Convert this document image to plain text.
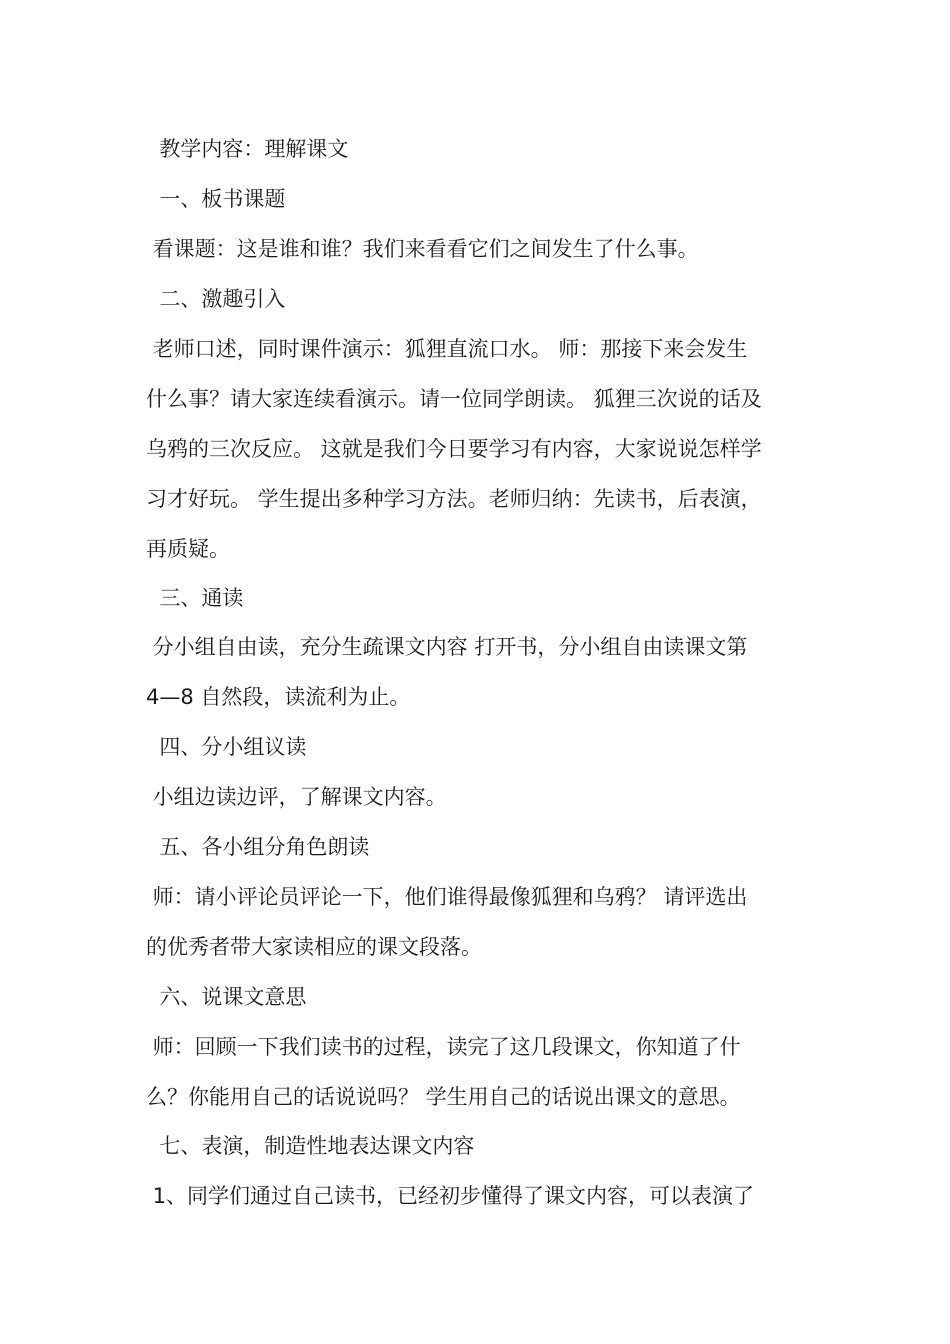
教学内容：理解课文
一、板书课题
看课题：这是谁和谁？我们来看看它们之间发生了什么事。
二、激趣引入
老师口述，同时课件演示：狐狸直流口水。 师：那接下来会发生
什么事？请大家连续看演示。请一位同学朗读。 狐狸三次说的话及
乌鸦的三次反应。 这就是我们今日要学习有内容，大家说说怎样学
习才好玩。 学生提出多种学习方法。老师归纳：先读书，后表演，
再质疑。
三、通读
分小组自由读，充分生疏课文内容 打开书，分小组自由读课文第
4—8 自然段，读流利为止。
四、分小组议读
小组边读边评，了解课文内容。
五、各小组分角色朗读
师：请小评论员评论一下，他们谁得最像狐狸和乌鸦？ 请评选出
的优秀者带大家读相应的课文段落。
六、说课文意思
师：回顾一下我们读书的过程，读完了这几段课文，你知道了什
么？你能用自己的话说说吗？ 学生用自己的话说出课文的意思。
七、表演，制造性地表达课文内容
1、同学们通过自己读书，已经初步懂得了课文内容，可以表演了
